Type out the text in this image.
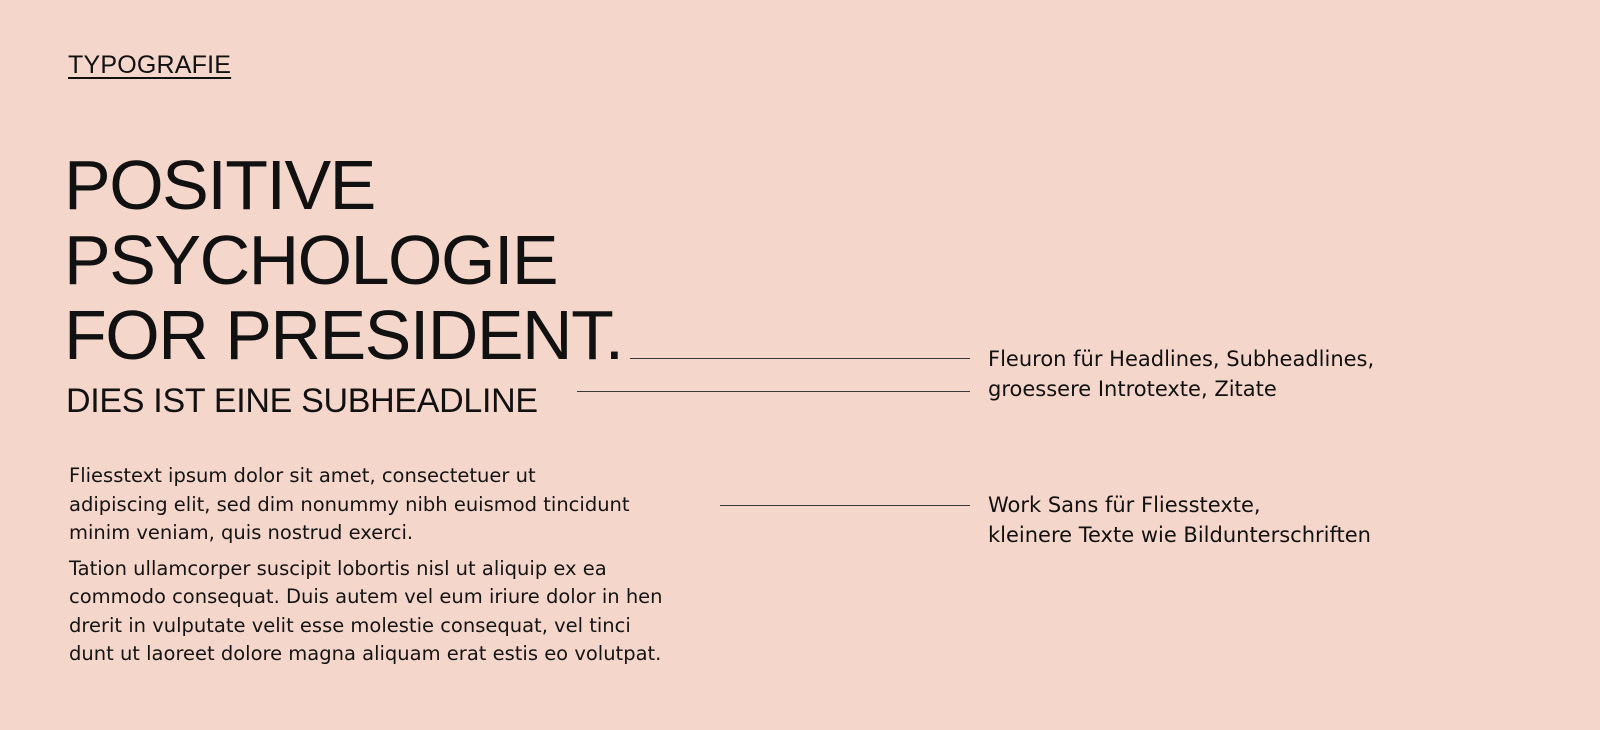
TYPOGRAFIE
POSITIVE
PSYCHOLOGIE
FOR PRESIDENT.
DIES IST EINE SUBHEADLINE

Fliesstext ipsum dolor sit amet, consectetuer ut
adipiscing elit, sed dim nonummy nibh euismod tincidunt
minim veniam, quis nostrud exerci.

Tation ullamcorper suscipit lobortis nisl ut aliquip ex ea
commodo consequat. Duis autem vel eum iriure dolor in hen
drerit in vulputate velit esse molestie consequat, vel tinci
dunt ut laoreet dolore magna aliquam erat estis eo volutpat.

Fleuron für Headlines, Subheadlines,
groessere Introtexte, Zitate
Work Sans für Fliesstexte,
kleinere Texte wie Bildunterschriften
